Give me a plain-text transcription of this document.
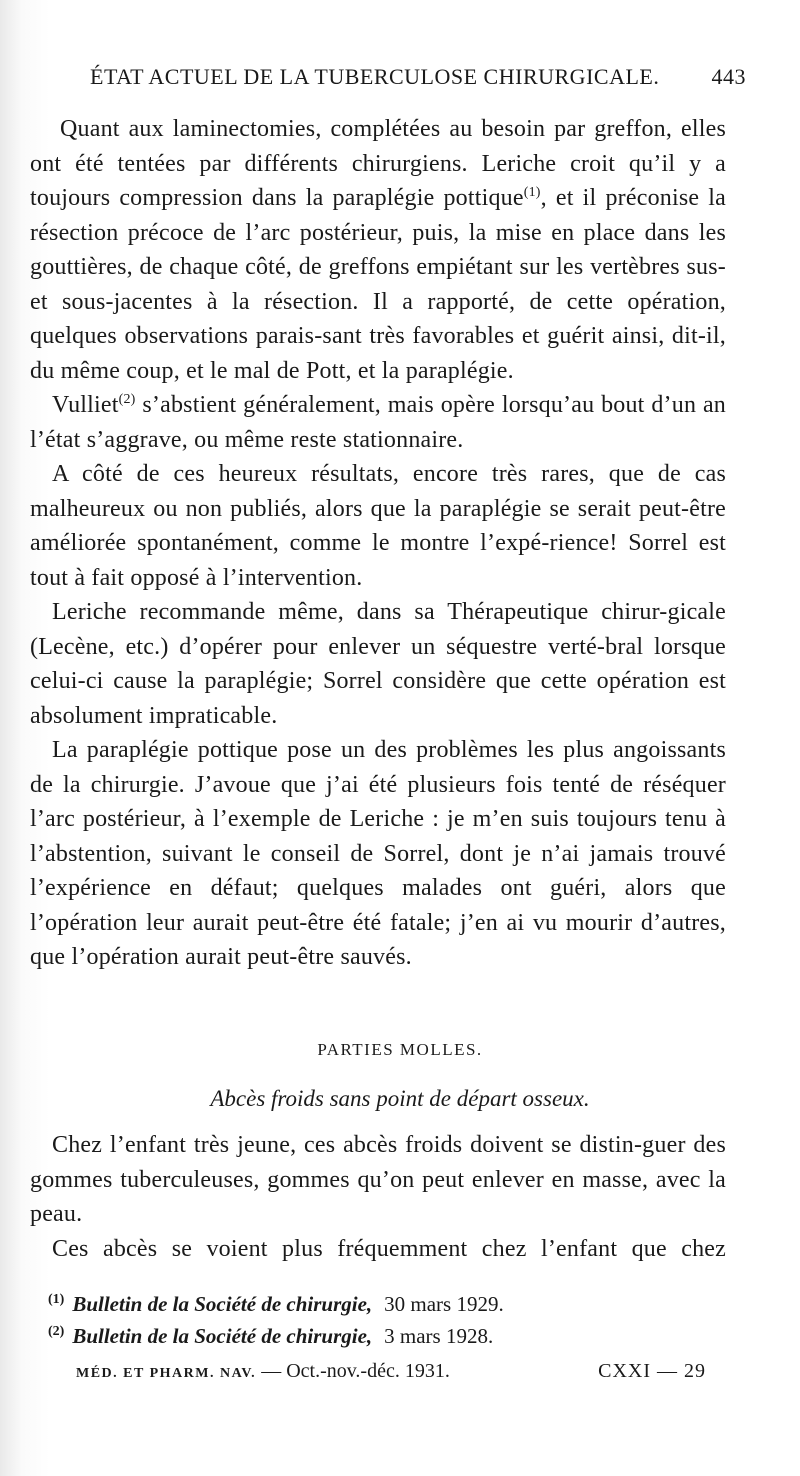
ÉTAT ACTUEL DE LA TUBERCULOSE CHIRURGICALE. 443

Quant aux laminectomies, complétées au besoin par greffon, elles ont été tentées par différents chirurgiens. Leriche croit qu’il y a toujours compression dans la paraplégie pottique$^{(1)}$, et il préconise la résection précoce de l’arc postérieur, puis, la mise en place dans les gouttières, de chaque côté, de greffons empiétant sur les vertèbres sus- et sous-jacentes à la résection. Il a rapporté, de cette opération, quelques observations parais-sant très favorables et guérit ainsi, dit-il, du même coup, et le mal de Pott, et la paraplégie.

Vulliet$^{(2)}$ s’abstient généralement, mais opère lorsqu’au bout d’un an l’état s’aggrave, ou même reste stationnaire.

A côté de ces heureux résultats, encore très rares, que de cas malheureux ou non publiés, alors que la paraplégie se serait peut-être améliorée spontanément, comme le montre l’expé-rience! Sorrel est tout à fait opposé à l’intervention.

Leriche recommande même, dans sa Thérapeutique chirur-gicale (Lecène, etc.) d’opérer pour enlever un séquestre verté-bral lorsque celui-ci cause la paraplégie; Sorrel considère que cette opération est absolument impraticable.

La paraplégie pottique pose un des problèmes les plus angoissants de la chirurgie. J’avoue que j’ai été plusieurs fois tenté de réséquer l’arc postérieur, à l’exemple de Leriche : je m’en suis toujours tenu à l’abstention, suivant le conseil de Sorrel, dont je n’ai jamais trouvé l’expérience en défaut; quelques malades ont guéri, alors que l’opération leur aurait peut-être été fatale; j’en ai vu mourir d’autres, que l’opération aurait peut-être sauvés.

PARTIES MOLLES.
Abcès froids sans point de départ osseux.

Chez l’enfant très jeune, ces abcès froids doivent se distin-guer des gommes tuberculeuses, gommes qu’on peut enlever en masse, avec la peau.

Ces abcès se voient plus fréquemment chez l’enfant que chez

$^{(1)}$ Bulletin de la Société de chirurgie, 30 mars 1929.
$^{(2)}$ Bulletin de la Société de chirurgie, 3 mars 1928.
MÉD. ET PHARM. NAV. — Oct.-nov.-déc. 1931.	CXXI — 29
